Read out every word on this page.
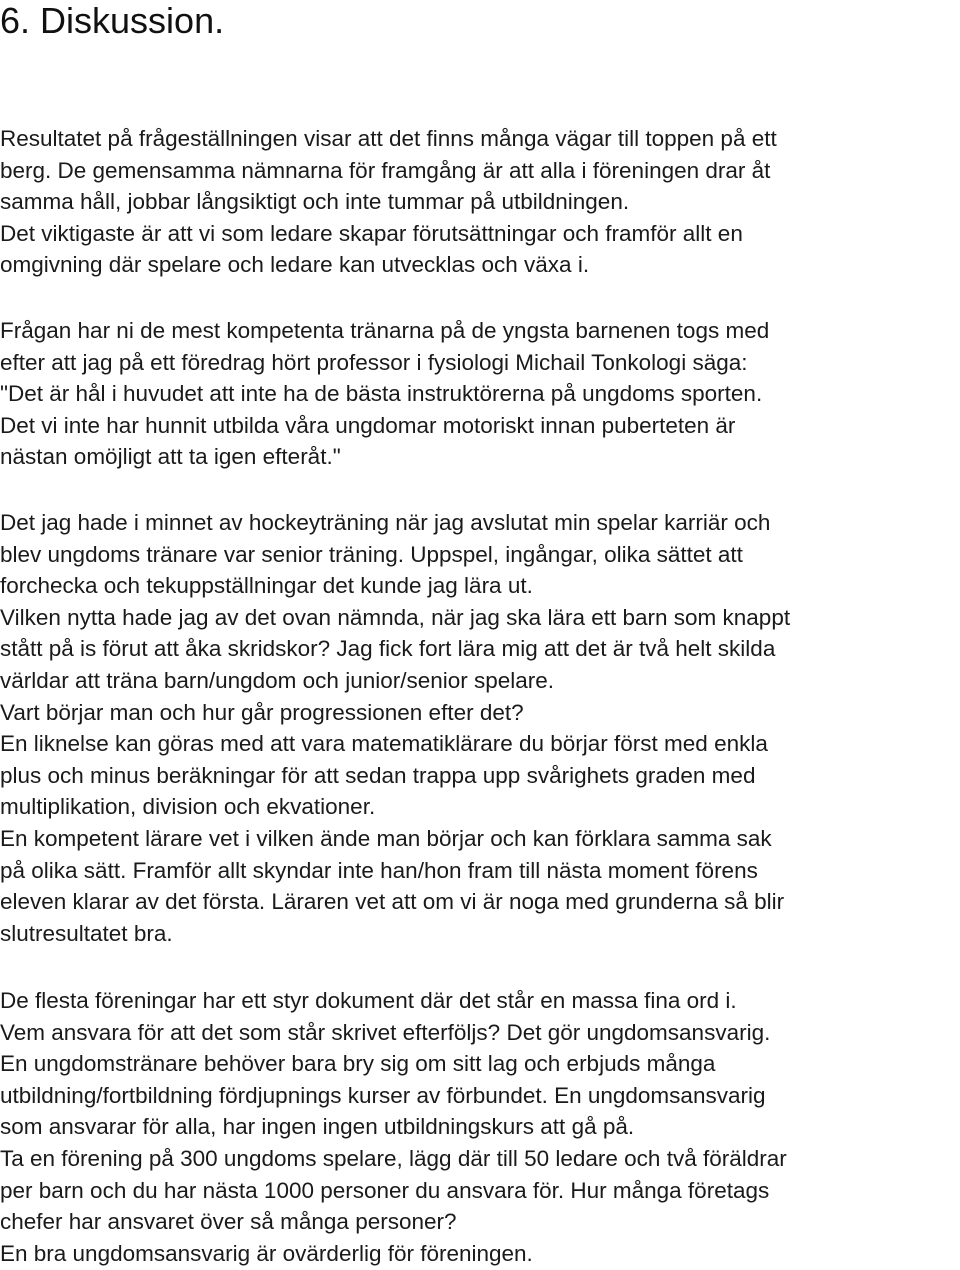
6. Diskussion.

Resultatet på frågeställningen visar att det finns många vägar till toppen på ett
berg. De gemensamma nämnarna för framgång är att alla i föreningen drar åt
samma håll, jobbar långsiktigt och inte tummar på utbildningen.
Det viktigaste är att vi som ledare skapar förutsättningar och framför allt en
omgivning där spelare och ledare kan utvecklas och växa i.

Frågan har ni de mest kompetenta tränarna på de yngsta barnenen togs med
efter att jag på ett föredrag hört professor i fysiologi Michail Tonkologi säga:
"Det är hål i huvudet att inte ha de bästa instruktörerna på ungdoms sporten.
Det vi inte har hunnit utbilda våra ungdomar motoriskt innan puberteten är
nästan omöjligt att ta igen efteråt."

Det jag hade i minnet av hockeyträning när jag avslutat min spelar karriär och
blev ungdoms tränare var senior träning. Uppspel, ingångar, olika sättet att
forchecka och tekuppställningar det kunde jag lära ut.
Vilken nytta hade jag av det ovan nämnda, när jag ska lära ett barn som knappt
stått på is förut att åka skridskor? Jag fick fort lära mig att det är två helt skilda
världar att träna barn/ungdom och junior/senior spelare.
Vart börjar man och hur går progressionen efter det?
En liknelse kan göras med att vara matematiklärare du börjar först med enkla
plus och minus beräkningar för att sedan trappa upp svårighets graden med
multiplikation, division och ekvationer.
En kompetent lärare vet i vilken ände man börjar och kan förklara samma sak
på olika sätt. Framför allt skyndar inte han/hon fram till nästa moment förens
eleven klarar av det första. Läraren vet att om vi är noga med grunderna så blir
slutresultatet bra.

De flesta föreningar har ett styr dokument där det står en massa fina ord i.
Vem ansvara för att det som står skrivet efterföljs? Det gör ungdomsansvarig.
En ungdomstränare behöver bara bry sig om sitt lag och erbjuds många
utbildning/fortbildning fördjupnings kurser av förbundet. En ungdomsansvarig
som ansvarar för alla, har ingen ingen utbildningskurs att gå på.
Ta en förening på 300 ungdoms spelare, lägg där till 50 ledare och två föräldrar
per barn och du har nästa 1000 personer du ansvara för. Hur många företags
chefer har ansvaret över så många personer?
En bra ungdomsansvarig är ovärderlig för föreningen.
